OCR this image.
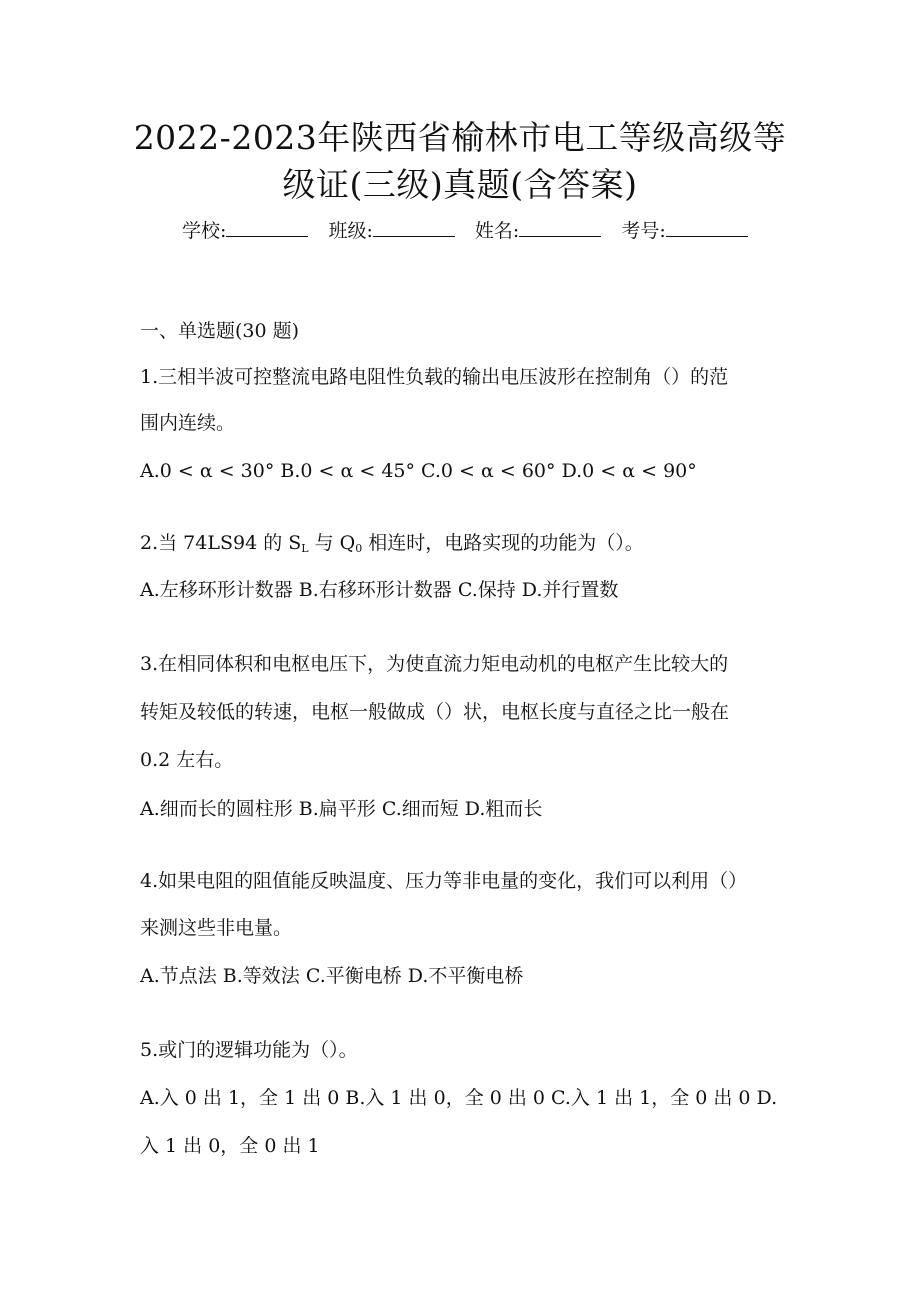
2022-2023年陕西省榆林市电工等级高级等
级证(三级)真题(含答案)
学校:	班级:	姓名:	考号:
一、单选题(30 题)
1.三相半波可控整流电路电阻性负载的输出电压波形在控制角（）的范
围内连续。
A.0 < α < 30° B.0 < α < 45° C.0 < α < 60° D.0 < α < 90°
2.当 74LS94 的 $S_L$ 与 $Q_0$ 相连时，电路实现的功能为（）。
A.左移环形计数器 B.右移环形计数器 C.保持 D.并行置数
3.在相同体积和电枢电压下，为使直流力矩电动机的电枢产生比较大的
转矩及较低的转速，电枢一般做成（）状，电枢长度与直径之比一般在
0.2 左右。
A.细而长的圆柱形 B.扁平形 C.细而短 D.粗而长
4.如果电阻的阻值能反映温度、压力等非电量的变化，我们可以利用（）
来测这些非电量。
A.节点法 B.等效法 C.平衡电桥 D.不平衡电桥
5.或门的逻辑功能为（）。
A.入 0 出 1，全 1 出 0 B.入 1 出 0，全 0 出 0 C.入 1 出 1，全 0 出 0 D.
入 1 出 0，全 0 出 1
